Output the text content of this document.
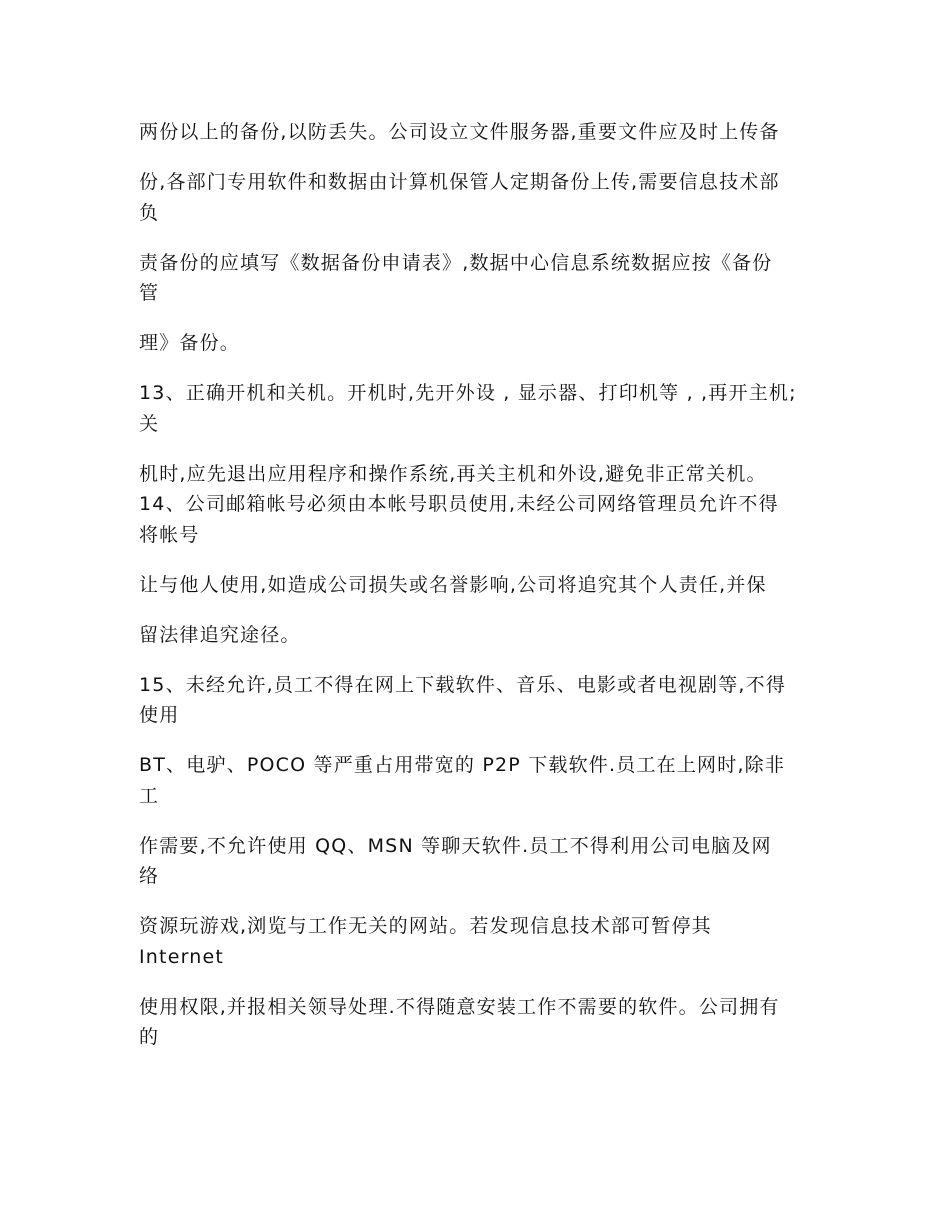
两份以上的备份,以防丢失。公司设立文件服务器,重要文件应及时上传备
份,各部门专用软件和数据由计算机保管人定期备份上传,需要信息技术部
负
责备份的应填写《数据备份申请表》,数据中心信息系统数据应按《备份
管
理》备份。
13、正确开机和关机。开机时,先开外设 , 显示器、打印机等 , ,再开主机;
关
机时,应先退出应用程序和操作系统,再关主机和外设,避免非正常关机。
14、公司邮箱帐号必须由本帐号职员使用,未经公司网络管理员允许不得
将帐号
让与他人使用,如造成公司损失或名誉影响,公司将追究其个人责任,并保
留法律追究途径。
15、未经允许,员工不得在网上下载软件、音乐、电影或者电视剧等,不得
使用
BT、电驴、POCO 等严重占用带宽的 P2P 下载软件.员工在上网时,除非
工
作需要,不允许使用 QQ、MSN 等聊天软件.员工不得利用公司电脑及网
络
资源玩游戏,浏览与工作无关的网站。若发现信息技术部可暂停其
Internet
使用权限,并报相关领导处理.不得随意安装工作不需要的软件。公司拥有
的
